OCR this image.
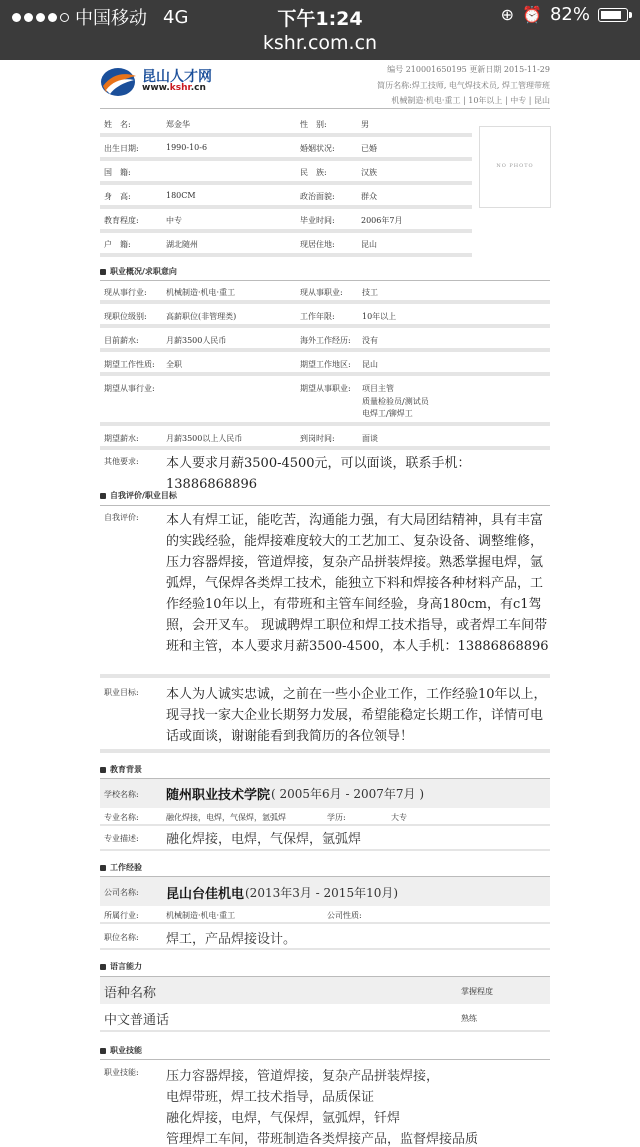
中国移动 4G	下午1:24	⊕ ⏰ 82%
kshr.com.cn
昆山人才网
www.kshr.cn
编号 210001650195 更新日期 2015-11-29
简历名称:焊工技师, 电气焊技术员, 焊工管理带班
机械制造·机电·重工 | 10年以上 | 中专 | 昆山
NO PHOTO
姓　名:	郑金华	性　别:	男
出生日期:	1990-10-6	婚姻状况:	已婚
国　籍:	民　族:	汉族
身　高:	180CM	政治面貌:	群众
教育程度:	中专	毕业时间:	2006年7月
户　籍:	湖北随州	现居住地:	昆山
职业概况/求职意向
现从事行业: 机械制造·机电·重工	现从事职业: 技工
现职位级别: 高薪职位(非管理类)	工作年限:	10年以上
目前薪水:	月薪3500人民币	海外工作经历: 没有
期望工作性质: 全职	期望工作地区: 昆山
期望从事行业:	期望从事职业: 项目主管
质量检验员/测试员
电焊工/铆焊工
期望薪水:	月薪3500以上人民币	到岗时间:	面谈
其他要求: 本人要求月薪3500-4500元，可以面谈，联系手机：13886868896
自我评价/职业目标
自我评价: 本人有焊工证，能吃苦，沟通能力强，有大局团结精神，具有丰富的实践经验，能焊接难度较大的工艺加工、复杂设备、调整维修，压力容器焊接，管道焊接，复杂产品拼装焊接。熟悉掌握电焊，氩弧焊，气保焊各类焊工技术，能独立下料和焊接各种材料产品，工作经验10年以上，有带班和主管车间经验，身高180cm，有c1驾照，会开叉车。 现诚聘焊工职位和焊工技术指导，或者焊工车间带班和主管，本人要求月薪3500-4500，本人手机：13886868896
职业目标: 本人为人诚实忠诚，之前在一些小企业工作，工作经验10年以上，现寻找一家大企业长期努力发展，希望能稳定长期工作，详情可电话或面谈，谢谢能看到我简历的各位领导！
教育背景
学校名称: 随州职业技术学院 ( 2005年6月 - 2007年7月 )
专业名称:	融化焊接，电焊，气保焊，氩弧焊	学历:	大专
专业描述: 融化焊接，电焊，气保焊，氩弧焊
工作经验
公司名称: 昆山台佳机电 (2013年3月 - 2015年10月)
所属行业:	机械制造·机电·重工	公司性质:
职位名称: 焊工，产品焊接设计。
语言能力
语种名称	掌握程度
中文普通话	熟练
职业技能
职业技能: 压力容器焊接，管道焊接，复杂产品拼装焊接，
电焊带班，焊工技术指导，品质保证
融化焊接，电焊，气保焊，氩弧焊，钎焊
管理焊工车间，带班制造各类焊接产品，监督焊接品质
